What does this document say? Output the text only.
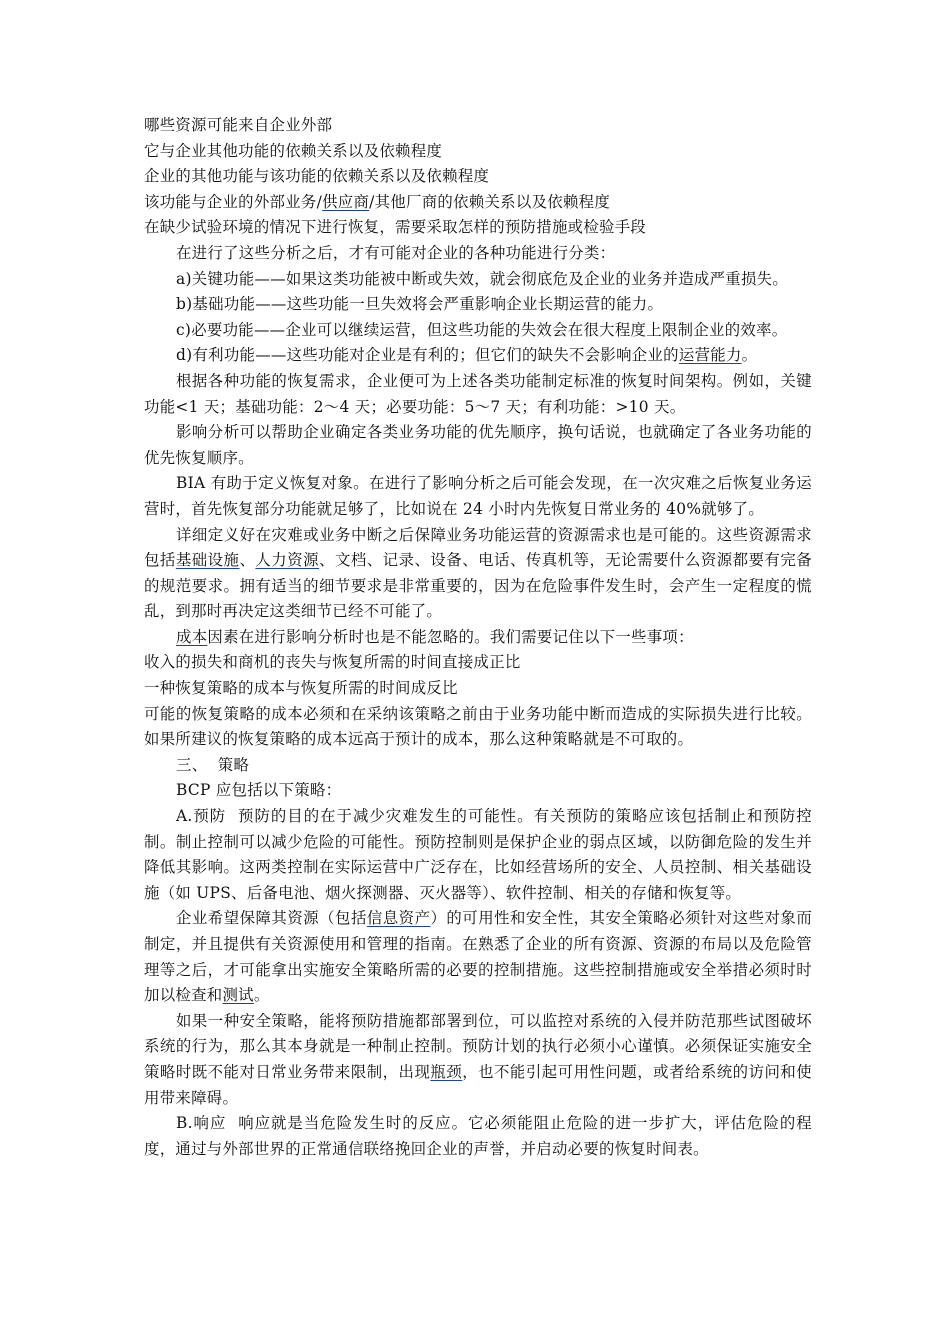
哪些资源可能来自企业外部

它与企业其他功能的依赖关系以及依赖程度

企业的其他功能与该功能的依赖关系以及依赖程度

该功能与企业的外部业务/供应商/其他厂商的依赖关系以及依赖程度

在缺少试验环境的情况下进行恢复，需要采取怎样的预防措施或检验手段

在进行了这些分析之后，才有可能对企业的各种功能进行分类：

a)关键功能——如果这类功能被中断或失效，就会彻底危及企业的业务并造成严重损失。

b)基础功能——这些功能一旦失效将会严重影响企业长期运营的能力。

c)必要功能——企业可以继续运营，但这些功能的失效会在很大程度上限制企业的效率。

d)有利功能——这些功能对企业是有利的；但它们的缺失不会影响企业的运营能力。

根据各种功能的恢复需求，企业便可为上述各类功能制定标准的恢复时间架构。例如，关键功能<1 天；基础功能：2～4 天；必要功能：5～7 天；有利功能：>10 天。

影响分析可以帮助企业确定各类业务功能的优先顺序，换句话说，也就确定了各业务功能的优先恢复顺序。

BIA 有助于定义恢复对象。在进行了影响分析之后可能会发现，在一次灾难之后恢复业务运营时，首先恢复部分功能就足够了，比如说在 24 小时内先恢复日常业务的 40%就够了。

详细定义好在灾难或业务中断之后保障业务功能运营的资源需求也是可能的。这些资源需求包括基础设施、人力资源、文档、记录、设备、电话、传真机等，无论需要什么资源都要有完备的规范要求。拥有适当的细节要求是非常重要的，因为在危险事件发生时，会产生一定程度的慌乱，到那时再决定这类细节已经不可能了。

成本因素在进行影响分析时也是不能忽略的。我们需要记住以下一些事项：

收入的损失和商机的丧失与恢复所需的时间直接成正比

一种恢复策略的成本与恢复所需的时间成反比

可能的恢复策略的成本必须和在采纳该策略之前由于业务功能中断而造成的实际损失进行比较。如果所建议的恢复策略的成本远高于预计的成本，那么这种策略就是不可取的。

三、  策略

BCP 应包括以下策略：

A.预防  预防的目的在于减少灾难发生的可能性。有关预防的策略应该包括制止和预防控制。制止控制可以减少危险的可能性。预防控制则是保护企业的弱点区域，以防御危险的发生并降低其影响。这两类控制在实际运营中广泛存在，比如经营场所的安全、人员控制、相关基础设施（如 UPS、后备电池、烟火探测器、灭火器等）、软件控制、相关的存储和恢复等。

企业希望保障其资源（包括信息资产）的可用性和安全性，其安全策略必须针对这些对象而制定，并且提供有关资源使用和管理的指南。在熟悉了企业的所有资源、资源的布局以及危险管理等之后，才可能拿出实施安全策略所需的必要的控制措施。这些控制措施或安全举措必须时时加以检查和测试。

如果一种安全策略，能将预防措施都部署到位，可以监控对系统的入侵并防范那些试图破坏系统的行为，那么其本身就是一种制止控制。预防计划的执行必须小心谨慎。必须保证实施安全策略时既不能对日常业务带来限制，出现瓶颈，也不能引起可用性问题，或者给系统的访问和使用带来障碍。

B.响应  响应就是当危险发生时的反应。它必须能阻止危险的进一步扩大，评估危险的程度，通过与外部世界的正常通信联络挽回企业的声誉，并启动必要的恢复时间表。
